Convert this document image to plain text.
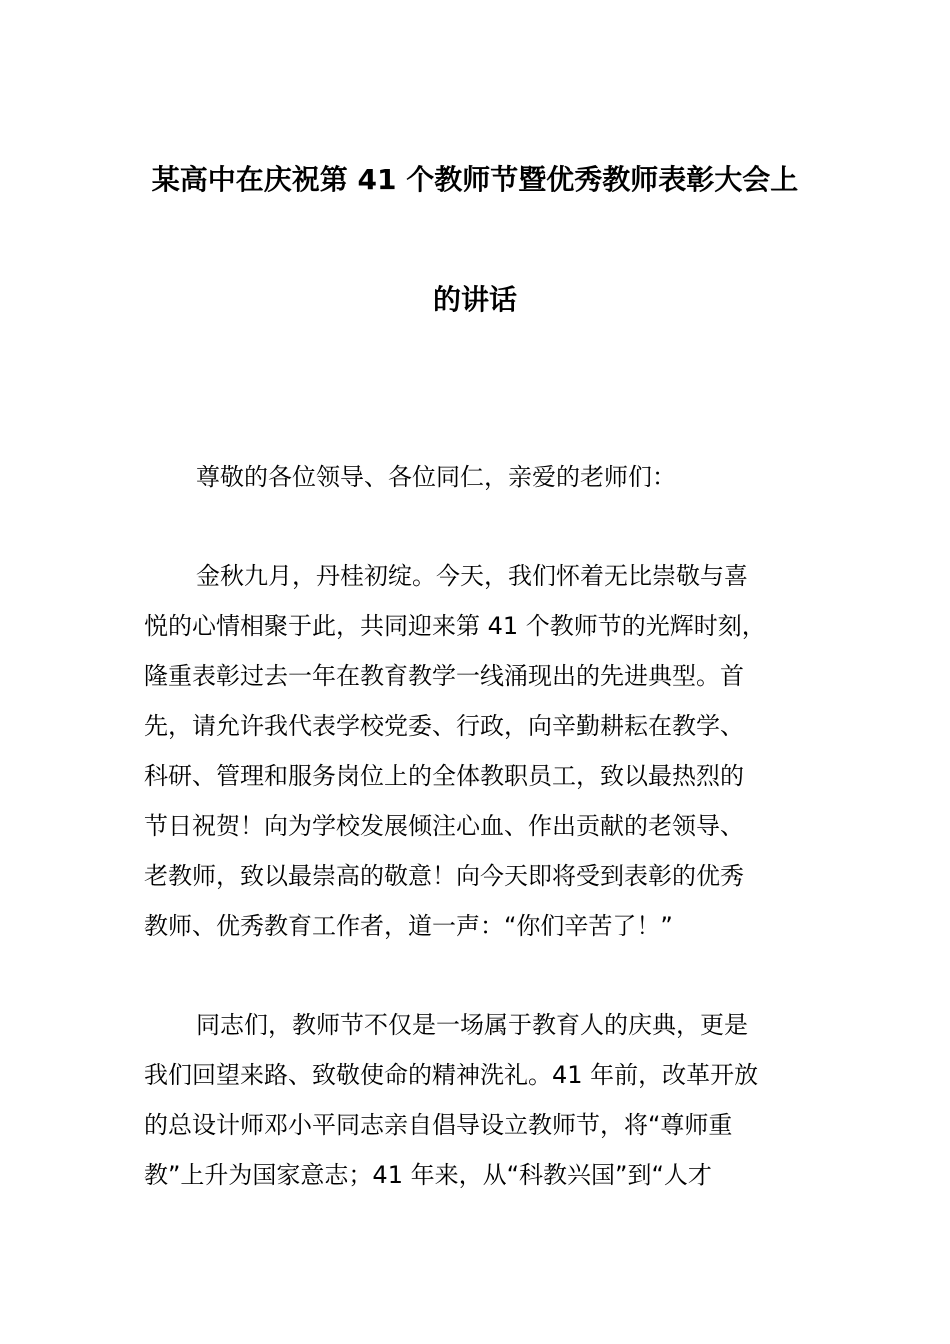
某高中在庆祝第 41 个教师节暨优秀教师表彰大会上
的讲话
尊敬的各位领导、各位同仁，亲爱的老师们：
金秋九月，丹桂初绽。今天，我们怀着无比崇敬与喜
悦的心情相聚于此，共同迎来第 41 个教师节的光辉时刻，
隆重表彰过去一年在教育教学一线涌现出的先进典型。首
先，请允许我代表学校党委、行政，向辛勤耕耘在教学、
科研、管理和服务岗位上的全体教职员工，致以最热烈的
节日祝贺！向为学校发展倾注心血、作出贡献的老领导、
老教师，致以最崇高的敬意！向今天即将受到表彰的优秀
教师、优秀教育工作者，道一声：“你们辛苦了！”
同志们，教师节不仅是一场属于教育人的庆典，更是
我们回望来路、致敬使命的精神洗礼。41 年前，改革开放
的总设计师邓小平同志亲自倡导设立教师节，将“尊师重
教”上升为国家意志；41 年来，从“科教兴国”到“人才
